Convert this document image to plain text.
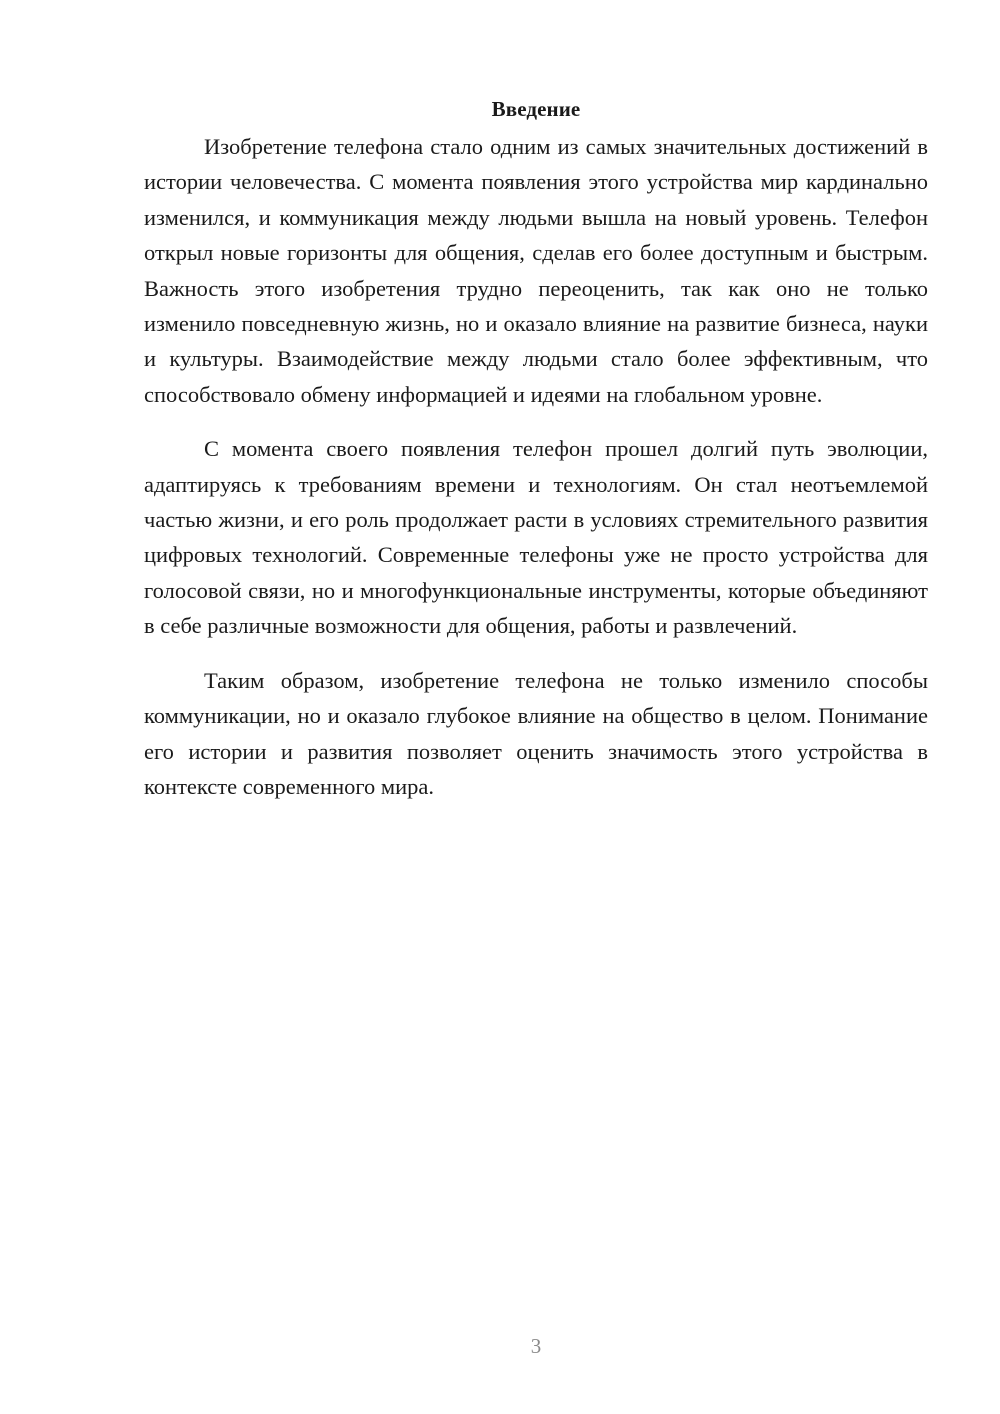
Введение

Изобретение телефона стало одним из самых значительных достижений в истории человечества. С момента появления этого устройства мир кардинально изменился, и коммуникация между людьми вышла на новый уровень. Телефон открыл новые горизонты для общения, сделав его более доступным и быстрым. Важность этого изобретения трудно переоценить, так как оно не только изменило повседневную жизнь, но и оказало влияние на развитие бизнеса, науки и культуры. Взаимодействие между людьми стало более эффективным, что способствовало обмену информацией и идеями на глобальном уровне.

С момента своего появления телефон прошел долгий путь эволюции, адаптируясь к требованиям времени и технологиям. Он стал неотъемлемой частью жизни, и его роль продолжает расти в условиях стремительного развития цифровых технологий. Современные телефоны уже не просто устройства для голосовой связи, но и многофункциональные инструменты, которые объединяют в себе различные возможности для общения, работы и развлечений.

Таким образом, изобретение телефона не только изменило способы коммуникации, но и оказало глубокое влияние на общество в целом. Понимание его истории и развития позволяет оценить значимость этого устройства в контексте современного мира.

3
